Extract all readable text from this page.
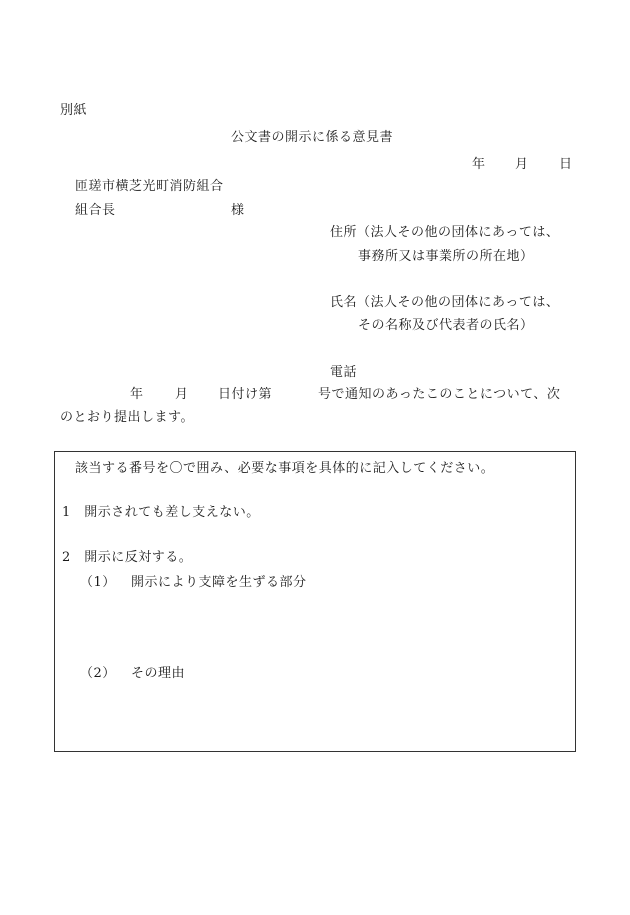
別紙
公文書の開示に係る意見書
年 月 日
匝瑳市横芝光町消防組合
組合長	様
住所（法人その他の団体にあっては、
事務所又は事業所の所在地）
氏名（法人その他の団体にあっては、
その名称及び代表者の氏名）
電話
年 月 日付け第	号で通知のあったこのことについて、次
のとおり提出します。
該当する番号を〇で囲み、必要な事項を具体的に記入してください。
1　開示されても差し支えない。
2　開示に反対する。
（1） 開示により支障を生ずる部分
（2） その理由
